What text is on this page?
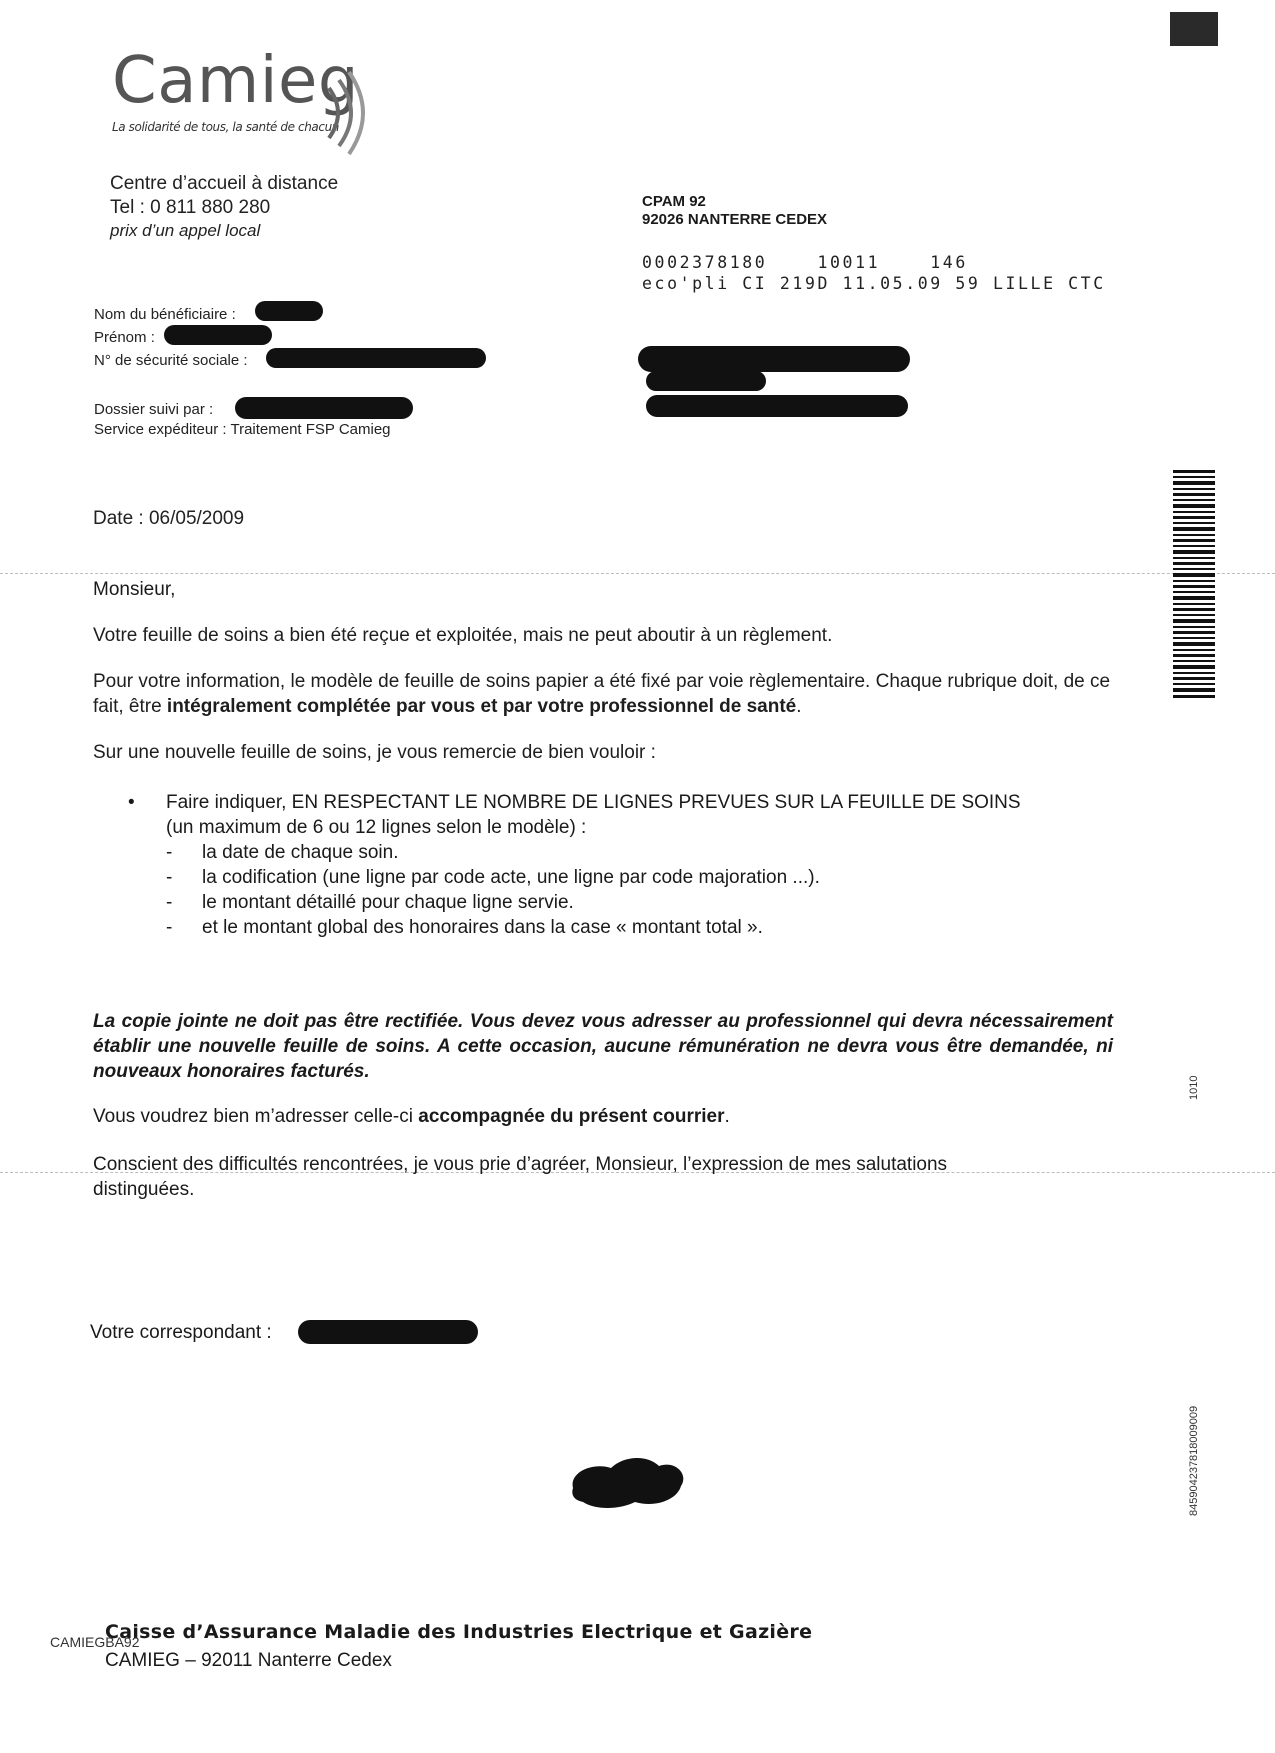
Camieg
La solidarité de tous, la santé de chacun
Centre d’accueil à distance
Tel : 0 811 880 280
prix d’un appel local
CPAM 92
92026 NANTERRE CEDEX
0002378180    10011    146
eco'pli CI 219D 11.05.09 59 LILLE CTC
Nom du bénéficiaire :
Prénom :
N° de sécurité sociale :
Dossier suivi par :
Service expéditeur : Traitement FSP Camieg
Date : 06/05/2009
Monsieur,

Votre feuille de soins a bien été reçue et exploitée, mais ne peut aboutir à un règlement.

Pour votre information, le modèle de feuille de soins papier a été fixé par voie règlementaire. Chaque rubrique doit, de ce fait, être intégralement complétée par vous et par votre professionnel de santé.

Sur une nouvelle feuille de soins, je vous remercie de bien vouloir :

• Faire indiquer, EN RESPECTANT LE NOMBRE DE LIGNES PREVUES SUR LA FEUILLE DE SOINS
(un maximum de 6 ou 12 lignes selon le modèle) :
- la date de chaque soin.
- la codification (une ligne par code acte, une ligne par code majoration ...).
- le montant détaillé pour chaque ligne servie.
- et le montant global des honoraires dans la case « montant total ».
La copie jointe ne doit pas être rectifiée. Vous devez vous adresser au professionnel qui devra nécessairement établir une nouvelle feuille de soins. A cette occasion, aucune rémunération ne devra vous être demandée, ni nouveaux honoraires facturés.
Vous voudrez bien m’adresser celle-ci accompagnée du présent courrier.
Conscient des difficultés rencontrées, je vous prie d’agréer, Monsieur, l’expression de mes salutations distinguées.
Votre correspondant :
Caisse d’Assurance Maladie des Industries Electrique et Gazière
CAMIEGBA92
CAMIEG – 92011 Nanterre Cedex
1010
845904237818009009
